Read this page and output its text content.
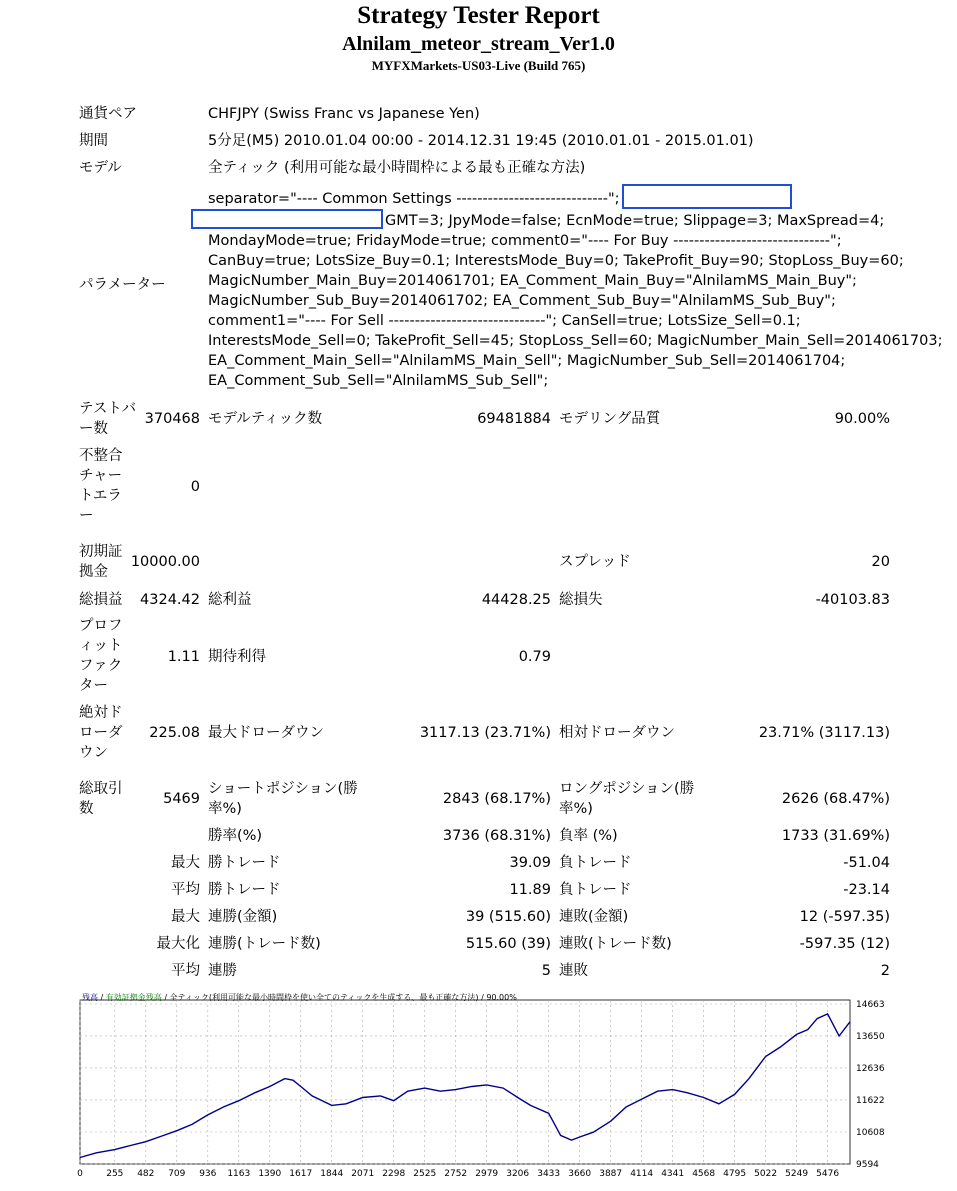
Strategy Tester Report
Alnilam_meteor_stream_Ver1.0
MYFXMarkets-US03-Live (Build 765)
通貨ペア	CHFJPY (Swiss Franc vs Japanese Yen)
期間	5分足(M5) 2010.01.04 00:00 - 2014.12.31 19:45 (2010.01.01 - 2015.01.01)
モデル	全ティック (利用可能な最小時間枠による最も正確な方法)
パラメーター
separator="---- Common Settings -----------------------------";
GMT=3; JpyMode=false; EcnMode=true; Slippage=3; MaxSpread=4;
MondayMode=true; FridayMode=true; comment0="---- For Buy ------------------------------";
CanBuy=true; LotsSize_Buy=0.1; InterestsMode_Buy=0; TakeProfit_Buy=90; StopLoss_Buy=60;
MagicNumber_Main_Buy=2014061701; EA_Comment_Main_Buy="AlnilamMS_Main_Buy";
MagicNumber_Sub_Buy=2014061702; EA_Comment_Sub_Buy="AlnilamMS_Sub_Buy";
comment1="---- For Sell ------------------------------"; CanSell=true; LotsSize_Sell=0.1;
InterestsMode_Sell=0; TakeProfit_Sell=45; StopLoss_Sell=60; MagicNumber_Main_Sell=2014061703;
EA_Comment_Main_Sell="AlnilamMS_Main_Sell"; MagicNumber_Sub_Sell=2014061704;
EA_Comment_Sub_Sell="AlnilamMS_Sub_Sell";
テストバー数
370468 モデルティック数	69481884 モデリング品質	90.00%
不整合チャートエラー
0
初期証拠金
10000.00	スプレッド	20
総損益	4324.42 総利益	44428.25 総損失	-40103.83
プロフィットファクター
1.11 期待利得	0.79
絶対ドローダウン
225.08 最大ドローダウン	3117.13 (23.71%) 相対ドローダウン	23.71% (3117.13)
総取引数
5469
ショートポジション(勝率%)
2843 (68.17%)
ロングポジション(勝率%)
2626 (68.47%)
勝率(%)	3736 (68.31%) 負率 (%)	1733 (31.69%)
最大 勝トレード	39.09 負トレード	-51.04
平均 勝トレード	11.89 負トレード	-23.14
最大 連勝(金額)	39 (515.60) 連敗(金額)	12 (-597.35)
最大化 連勝(トレード数)	515.60 (39) 連敗(トレード数)	-597.35 (12)
平均 連勝	5 連敗	2
残高 / 有効証拠金残高 / 全ティック(利用可能な最小時間枠を使い全てのティックを生成する、最も正確な方法) / 90.00%
14663
13650
12636
11622
10608
9594
0	255 482 709 936 1163 1390 1617 1844 2071 2298 2525 2752 2979 3206 3433 3660 3887 4114 4341 4568 4795 5022 5249 5476
